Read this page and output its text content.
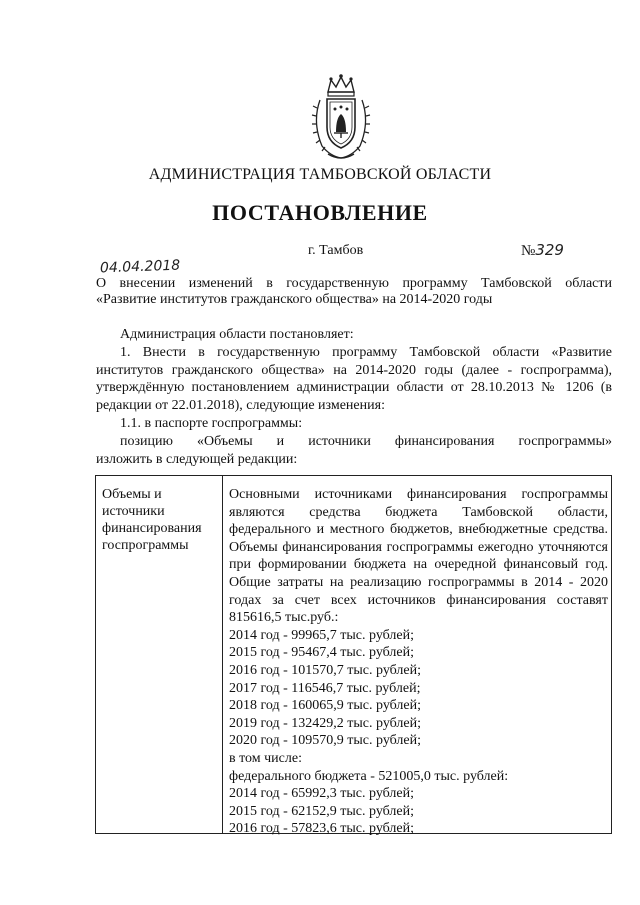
АДМИНИСТРАЦИЯ ТАМБОВСКОЙ ОБЛАСТИ
ПОСТАНОВЛЕНИЕ
г. Тамбов	№329
04.04.2018
О внесении изменений в государственную программу Тамбовской области
«Развитие институтов гражданского общества» на 2014-2020 годы

Администрация области постановляет:

1. Внести в государственную программу Тамбовской области «Развитие институтов гражданского общества» на 2014-2020 годы (далее - госпрограмма), утверждённую постановлением администрации области от 28.10.2013 № 1206 (в редакции от 22.01.2018), следующие изменения:

1.1. в паспорте госпрограммы:

позицию «Объемы и источники финансирования госпрограммы»

изложить в следующей редакции:

Объемы и источники финансирования госпрограммы
Основными источниками финансирования госпрограммы являются средства бюджета Тамбовской области, федерального и местного бюджетов, внебюджетные средства. Объемы финансирования госпрограммы ежегодно уточняются при формировании бюджета на очередной финансовый год. Общие затраты на реализацию госпрограммы в 2014 - 2020 годах за счет всех источников финансирования составят 815616,5 тыс.руб.:
2014 год - 99965,7 тыс. рублей;
2015 год - 95467,4 тыс. рублей;
2016 год - 101570,7 тыс. рублей;
2017 год - 116546,7 тыс. рублей;
2018 год - 160065,9 тыс. рублей;
2019 год - 132429,2 тыс. рублей;
2020 год - 109570,9 тыс. рублей;
в том числе:
федерального бюджета - 521005,0 тыс. рублей:
2014 год - 65992,3 тыс. рублей;
2015 год - 62152,9 тыс. рублей;
2016 год - 57823,6 тыс. рублей;
